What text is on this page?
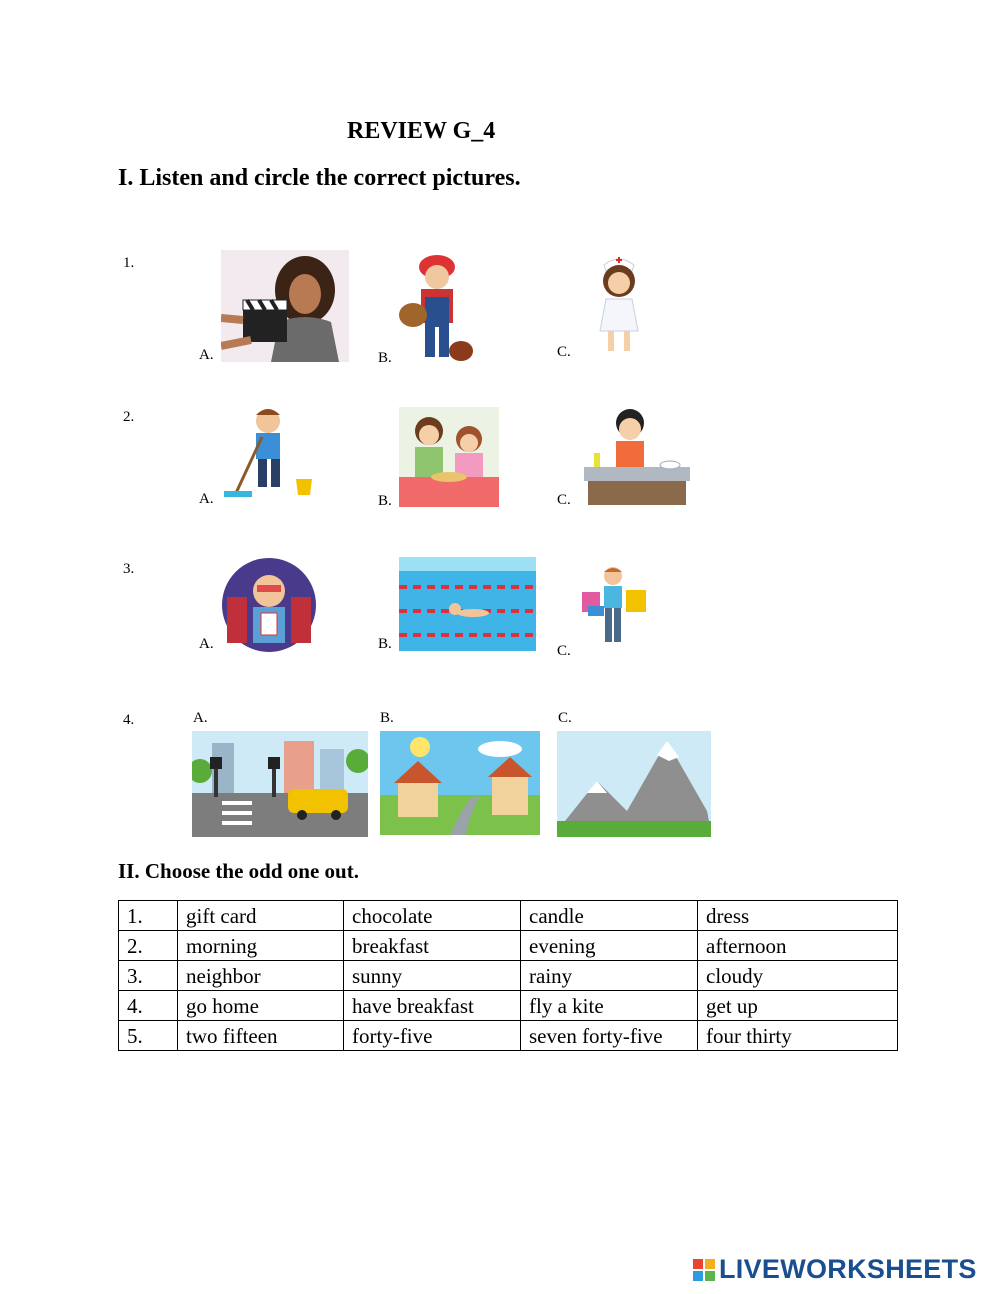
REVIEW G_4
I. Listen and circle the correct pictures.
1.
A.	B.	C.
2.
A.	B.	C.
3.
A.	B.	C.
4.	A.	B.	C.
II. Choose the odd one out.
1.	gift card	chocolate	candle	dress
2.	morning	breakfast	evening	afternoon
3.	neighbor	sunny	rainy	cloudy
4.	go home	have breakfast	fly a kite	get up
5.	two fifteen	forty-five	seven forty-five	four thirty
LIVEWORKSHEETS
